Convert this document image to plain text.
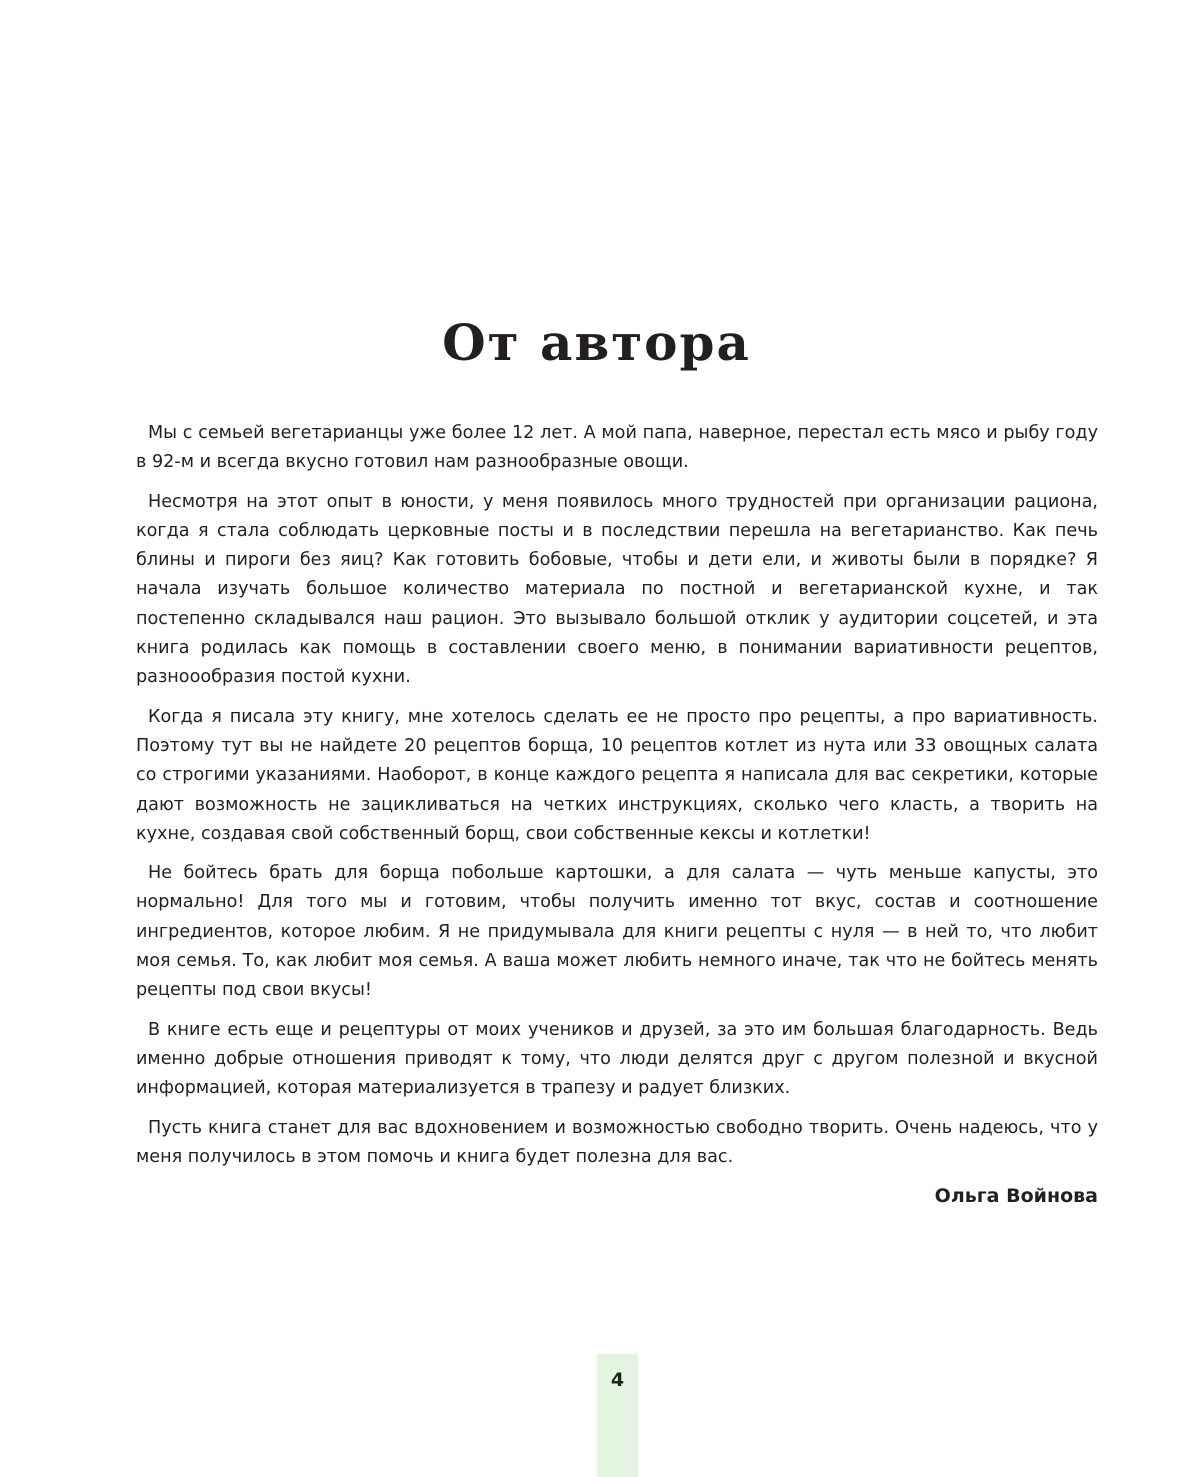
От автора

Мы с семьей вегетарианцы уже более 12 лет. А мой папа, наверное, перестал есть мясо и рыбу году в 92-м и всегда вкусно готовил нам разнообразные овощи.

Несмотря на этот опыт в юности, у меня появилось много трудностей при организации рациона, когда я стала соблюдать церковные посты и в последствии перешла на вегетарианство. Как печь блины и пироги без яиц? Как готовить бобовые, чтобы и дети ели, и животы были в порядке? Я начала изучать большое количество материала по постной и вегетарианской кухне, и так постепенно складывался наш рацион. Это вызывало большой отклик у аудитории соцсетей, и эта книга родилась как помощь в составлении своего меню, в понимании вариативности рецептов, разноообразия постой кухни.

Когда я писала эту книгу, мне хотелось сделать ее не просто про рецепты, а про вариативность. Поэтому тут вы не найдете 20 рецептов борща, 10 рецептов котлет из нута или 33 овощных салата со строгими указаниями. Наоборот, в конце каждого рецепта я написала для вас секретики, которые дают возможность не зацикливаться на четких инструкциях, сколько чего класть, а творить на кухне, создавая свой собственный борщ, свои собственные кексы и котлетки!

Не бойтесь брать для борща побольше картошки, а для салата — чуть меньше капусты, это нормально! Для того мы и готовим, чтобы получить именно тот вкус, состав и соотношение ингредиентов, которое любим. Я не придумывала для книги рецепты с нуля — в ней то, что любит моя семья. То, как любит моя семья. А ваша может любить немного иначе, так что не бойтесь менять рецепты под свои вкусы!

В книге есть еще и рецептуры от моих учеников и друзей, за это им большая благодарность. Ведь именно добрые отношения приводят к тому, что люди делятся друг с другом полезной и вкусной информацией, которая материализуется в трапезу и радует близких.

Пусть книга станет для вас вдохновением и возможностью свободно творить. Очень надеюсь, что у меня получилось в этом помочь и книга будет полезна для вас.

Ольга Войнова

4
